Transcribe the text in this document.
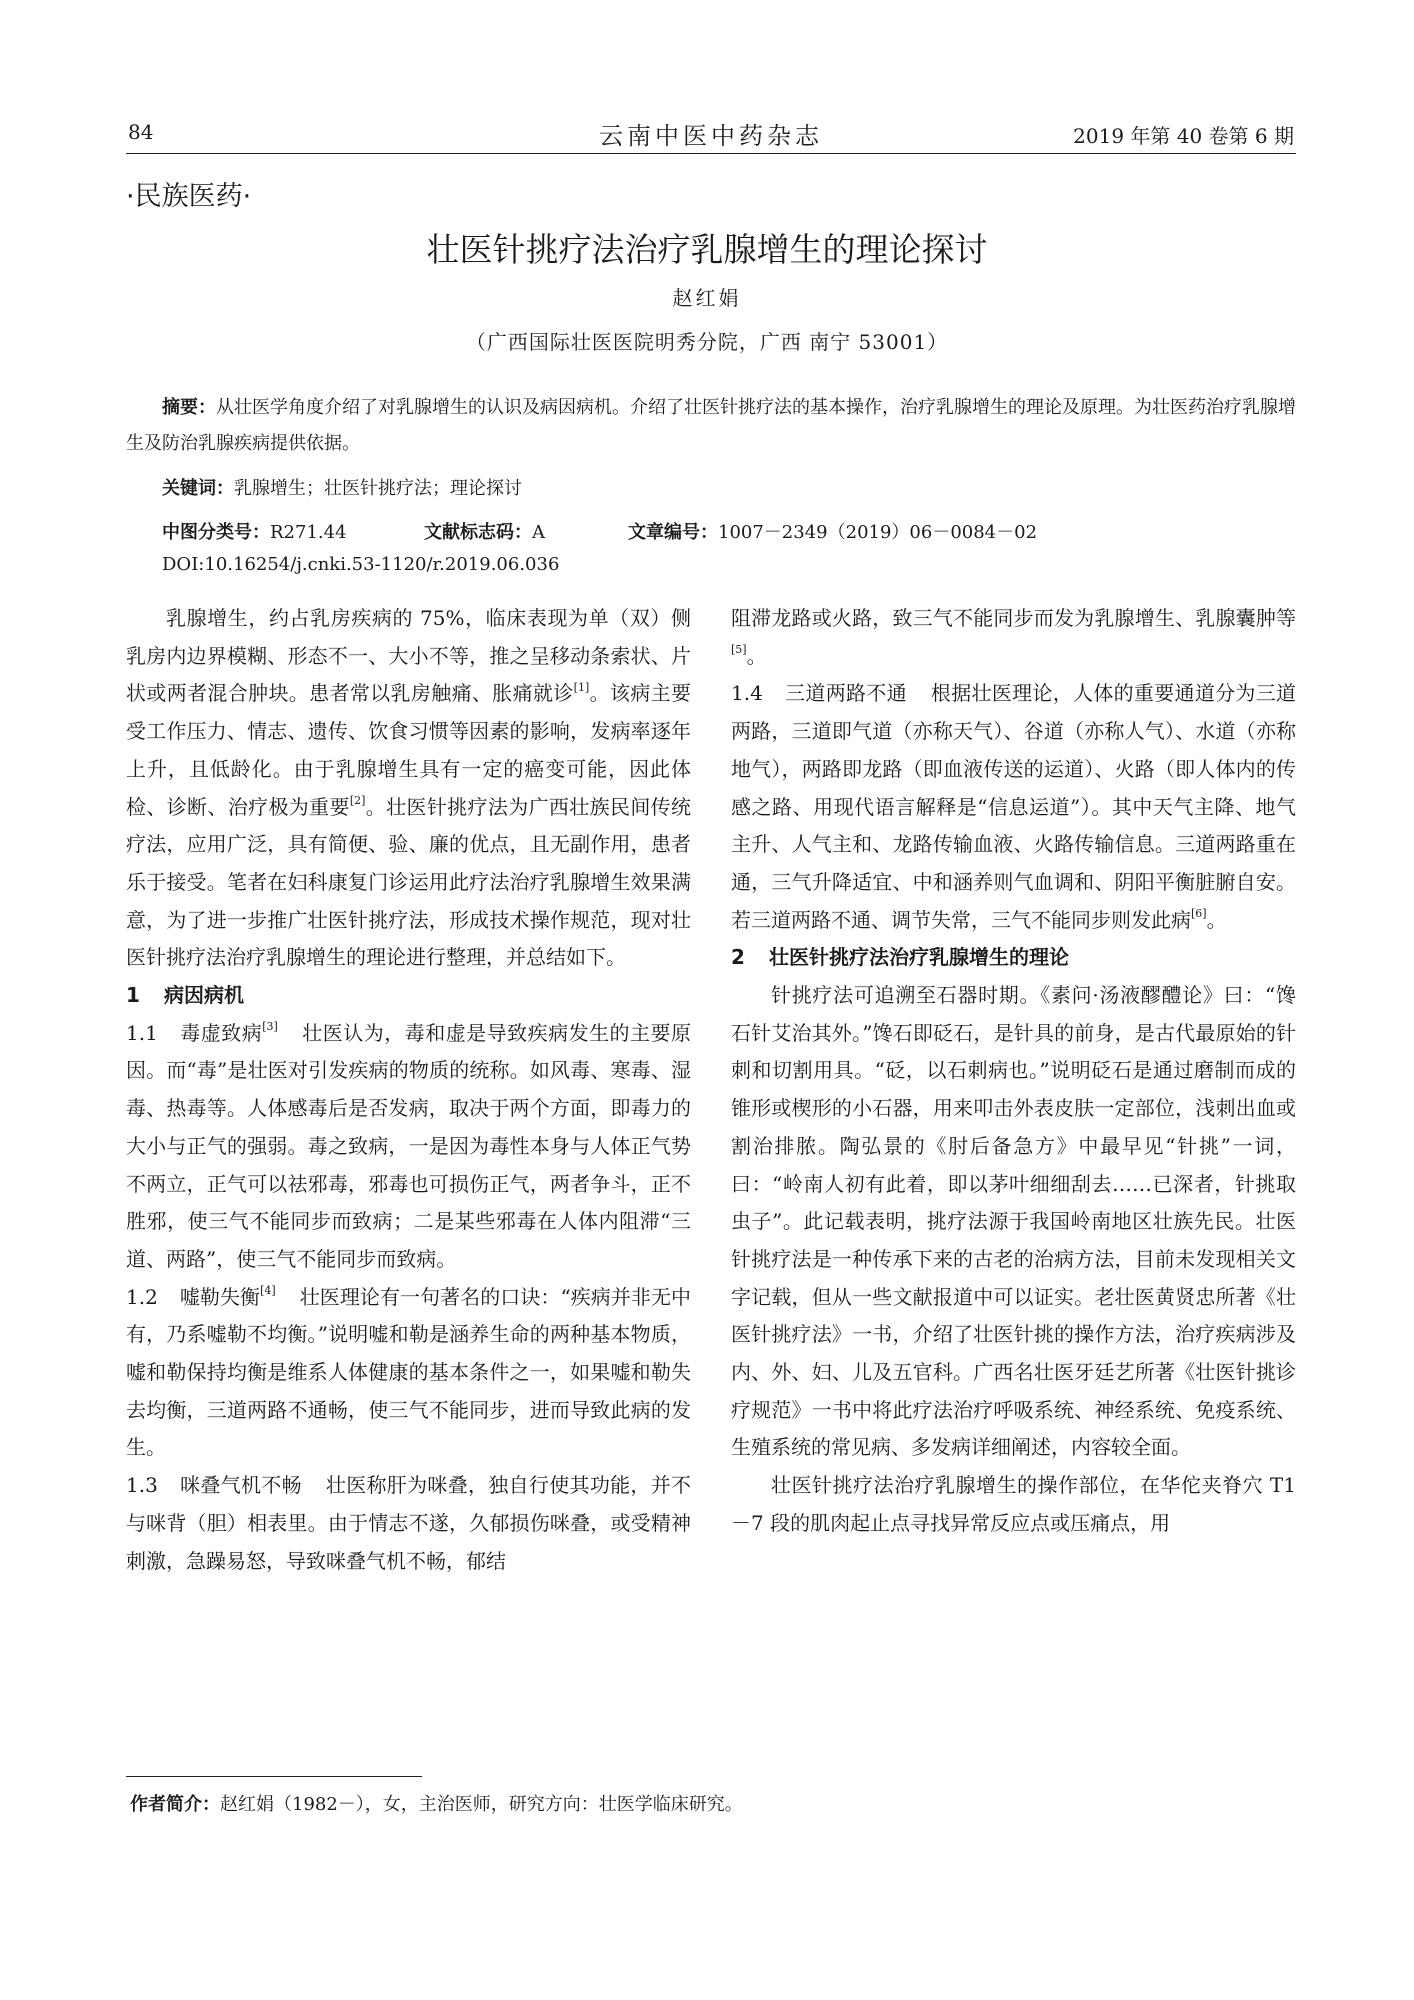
84	云南中医中药杂志	2019 年第 40 卷第 6 期
·民族医药·
壮医针挑疗法治疗乳腺增生的理论探讨
赵红娟
（广西国际壮医医院明秀分院，广西 南宁 53001）
摘要：从壮医学角度介绍了对乳腺增生的认识及病因病机。介绍了壮医针挑疗法的基本操作，治疗乳腺增生的理论及原理。为壮医药治疗乳腺增生及防治乳腺疾病提供依据。
关键词：乳腺增生；壮医针挑疗法；理论探讨
中图分类号：R271.44	文献标志码：A	文章编号：1007－2349（2019）06－0084－02
DOI:10.16254/j.cnki.53-1120/r.2019.06.036

乳腺增生，约占乳房疾病的 75%，临床表现为单（双）侧乳房内边界模糊、形态不一、大小不等，推之呈移动条索状、片状或两者混合肿块。患者常以乳房触痛、胀痛就诊[1]。该病主要受工作压力、情志、遗传、饮食习惯等因素的影响，发病率逐年上升，且低龄化。由于乳腺增生具有一定的癌变可能，因此体检、诊断、治疗极为重要[2]。壮医针挑疗法为广西壮族民间传统疗法，应用广泛，具有简便、验、廉的优点，且无副作用，患者乐于接受。笔者在妇科康复门诊运用此疗法治疗乳腺增生效果满意，为了进一步推广壮医针挑疗法，形成技术操作规范，现对壮医针挑疗法治疗乳腺增生的理论进行整理，并总结如下。

1 病因病机

1.1 毒虚致病[3] 壮医认为，毒和虚是导致疾病发生的主要原因。而“毒”是壮医对引发疾病的物质的统称。如风毒、寒毒、湿毒、热毒等。人体感毒后是否发病，取决于两个方面，即毒力的大小与正气的强弱。毒之致病，一是因为毒性本身与人体正气势不两立，正气可以祛邪毒，邪毒也可损伤正气，两者争斗，正不胜邪，使三气不能同步而致病；二是某些邪毒在人体内阻滞“三道、两路”，使三气不能同步而致病。

1.2 嘘勒失衡[4] 壮医理论有一句著名的口诀：“疾病并非无中有，乃系嘘勒不均衡。”说明嘘和勒是涵养生命的两种基本物质，嘘和勒保持均衡是维系人体健康的基本条件之一，如果嘘和勒失去均衡，三道两路不通畅，使三气不能同步，进而导致此病的发生。

1.3 咪叠气机不畅 壮医称肝为咪叠，独自行使其功能，并不与咪背（胆）相表里。由于情志不遂，久郁损伤咪叠，或受精神刺激，急躁易怒，导致咪叠气机不畅，郁结

阻滞龙路或火路，致三气不能同步而发为乳腺增生、乳腺囊肿等[5]。

1.4 三道两路不通 根据壮医理论，人体的重要通道分为三道两路，三道即气道（亦称天气）、谷道（亦称人气）、水道（亦称地气），两路即龙路（即血液传送的运道）、火路（即人体内的传感之路、用现代语言解释是“信息运道”）。其中天气主降、地气主升、人气主和、龙路传输血液、火路传输信息。三道两路重在通，三气升降适宜、中和涵养则气血调和、阴阳平衡脏腑自安。若三道两路不通、调节失常，三气不能同步则发此病[6]。

2 壮医针挑疗法治疗乳腺增生的理论

针挑疗法可追溯至石器时期。《素问·汤液醪醴论》曰：“馋石针艾治其外。”馋石即砭石，是针具的前身，是古代最原始的针刺和切割用具。“砭，以石刺病也。”说明砭石是通过磨制而成的锥形或楔形的小石器，用来叩击外表皮肤一定部位，浅刺出血或割治排脓。陶弘景的《肘后备急方》中最早见“针挑”一词，曰：“岭南人初有此着，即以茅叶细细刮去……已深者，针挑取虫子”。此记载表明，挑疗法源于我国岭南地区壮族先民。壮医针挑疗法是一种传承下来的古老的治病方法，目前未发现相关文字记载，但从一些文献报道中可以证实。老壮医黄贤忠所著《壮医针挑疗法》一书，介绍了壮医针挑的操作方法，治疗疾病涉及内、外、妇、儿及五官科。广西名壮医牙廷艺所著《壮医针挑诊疗规范》一书中将此疗法治疗呼吸系统、神经系统、免疫系统、生殖系统的常见病、多发病详细阐述，内容较全面。

壮医针挑疗法治疗乳腺增生的操作部位，在华佗夹脊穴 T1－7 段的肌肉起止点寻找异常反应点或压痛点，用

作者简介：赵红娟（1982－），女，主治医师，研究方向：壮医学临床研究。
